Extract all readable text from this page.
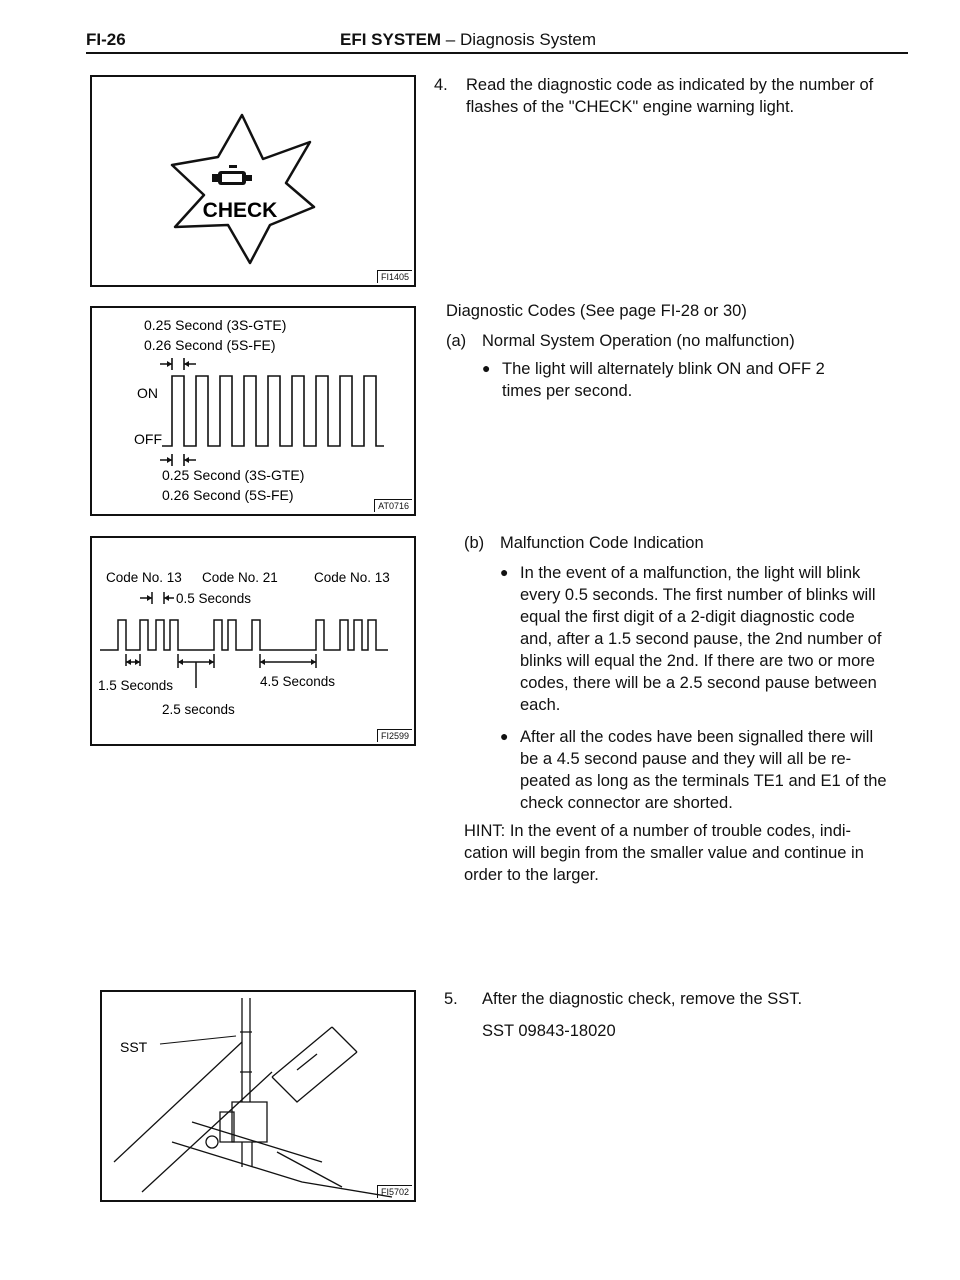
FI-26	EFI SYSTEM – Diagnosis System
CHECK
FI1405
0.25 Second (3S-GTE)
0.26 Second (5S-FE)
ON
OFF
0.25 Second (3S-GTE)
0.26 Second (5S-FE)
AT0716
Code No. 13 Code No. 21	Code No. 13
0.5 Seconds
1.5 Seconds	4.5 Seconds
2.5 seconds
FI2599
SST
FI5702
4. Read the diagnostic code as indicated by the number of
flashes of the "CHECK" engine warning light.
Diagnostic Codes (See page FI-28 or 30)
(a) Normal System Operation (no malfunction)
● The light will alternately blink ON and OFF 2
times per second.
(b) Malfunction Code Indication
● In the event of a malfunction, the light will blink
every 0.5 seconds. The first number of blinks will
equal the first digit of a 2-digit diagnostic code
and, after a 1.5 second pause, the 2nd number of
blinks will equal the 2nd. If there are two or more
codes, there will be a 2.5 second pause between
each.
● After all the codes have been signalled there will
be a 4.5 second pause and they will all be re-
peated as long as the terminals TE1 and E1 of the
check connector are shorted.
HINT: In the event of a number of trouble codes, indi-
cation will begin from the smaller value and continue in
order to the larger.
5. After the diagnostic check, remove the SST.
SST 09843-18020
